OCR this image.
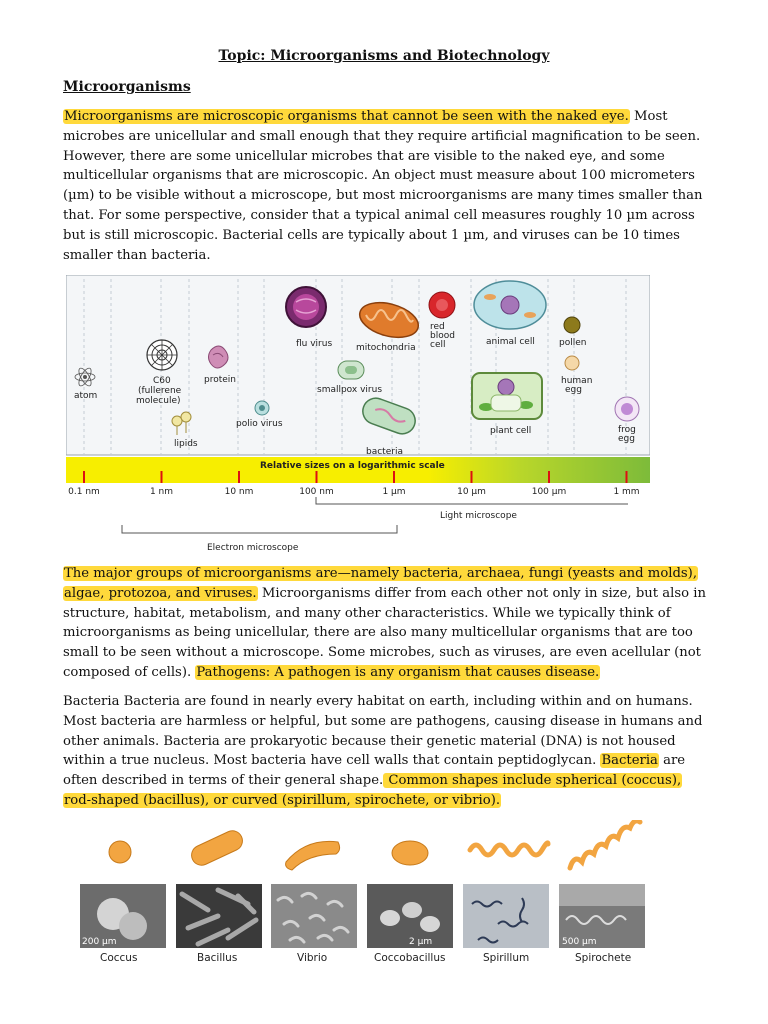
Topic: Microorganisms and Biotechnology
Microorganisms
Microorganisms are microscopic organisms that cannot be seen with the naked eye. Most microbes are unicellular and small enough that they require artificial magnification to be seen. However, there are some unicellular microbes that are visible to the naked eye, and some multicellular organisms that are microscopic. An object must measure about 100 micrometers (µm) to be visible without a microscope, but most microorganisms are many times smaller than that. For some perspective, consider that a typical animal cell measures roughly 10 µm across but is still microscopic. Bacterial cells are typically about 1 µm, and viruses can be 10 times smaller than bacteria.
atom
C60
(fullerene
molecule)
lipids
protein
polio virus
flu virus
smallpox virus
mitochondria
bacteria
red
blood
cell	animal cell
plant cell
pollen
human
egg
frog
egg
Relative sizes on a logarithmic scale
0.1 nm	1 nm	10 nm	100 nm	1 µm	10 µm	100 µm	1 mm
Light microscope
Electron microscope
The major groups of microorganisms are—namely bacteria, archaea, fungi (yeasts and molds), algae, protozoa, and viruses. Microorganisms differ from each other not only in size, but also in structure, habitat, metabolism, and many other characteristics. While we typically think of microorganisms as being unicellular, there are also many multicellular organisms that are too small to be seen without a microscope. Some microbes, such as viruses, are even acellular (not composed of cells). Pathogens: A pathogen is any organism that causes disease.
Bacteria Bacteria are found in nearly every habitat on earth, including within and on humans. Most bacteria are harmless or helpful, but some are pathogens, causing disease in humans and other animals. Bacteria are prokaryotic because their genetic material (DNA) is not housed within a true nucleus. Most bacteria have cell walls that contain peptidoglycan. Bacteria are often described in terms of their general shape. Common shapes include spherical (coccus), rod-shaped (bacillus), or curved (spirillum, spirochete, or vibrio).
200 µm	2 µm	500 µm
Coccus	Bacillus	Vibrio	Coccobacillus	Spirillum	Spirochete
